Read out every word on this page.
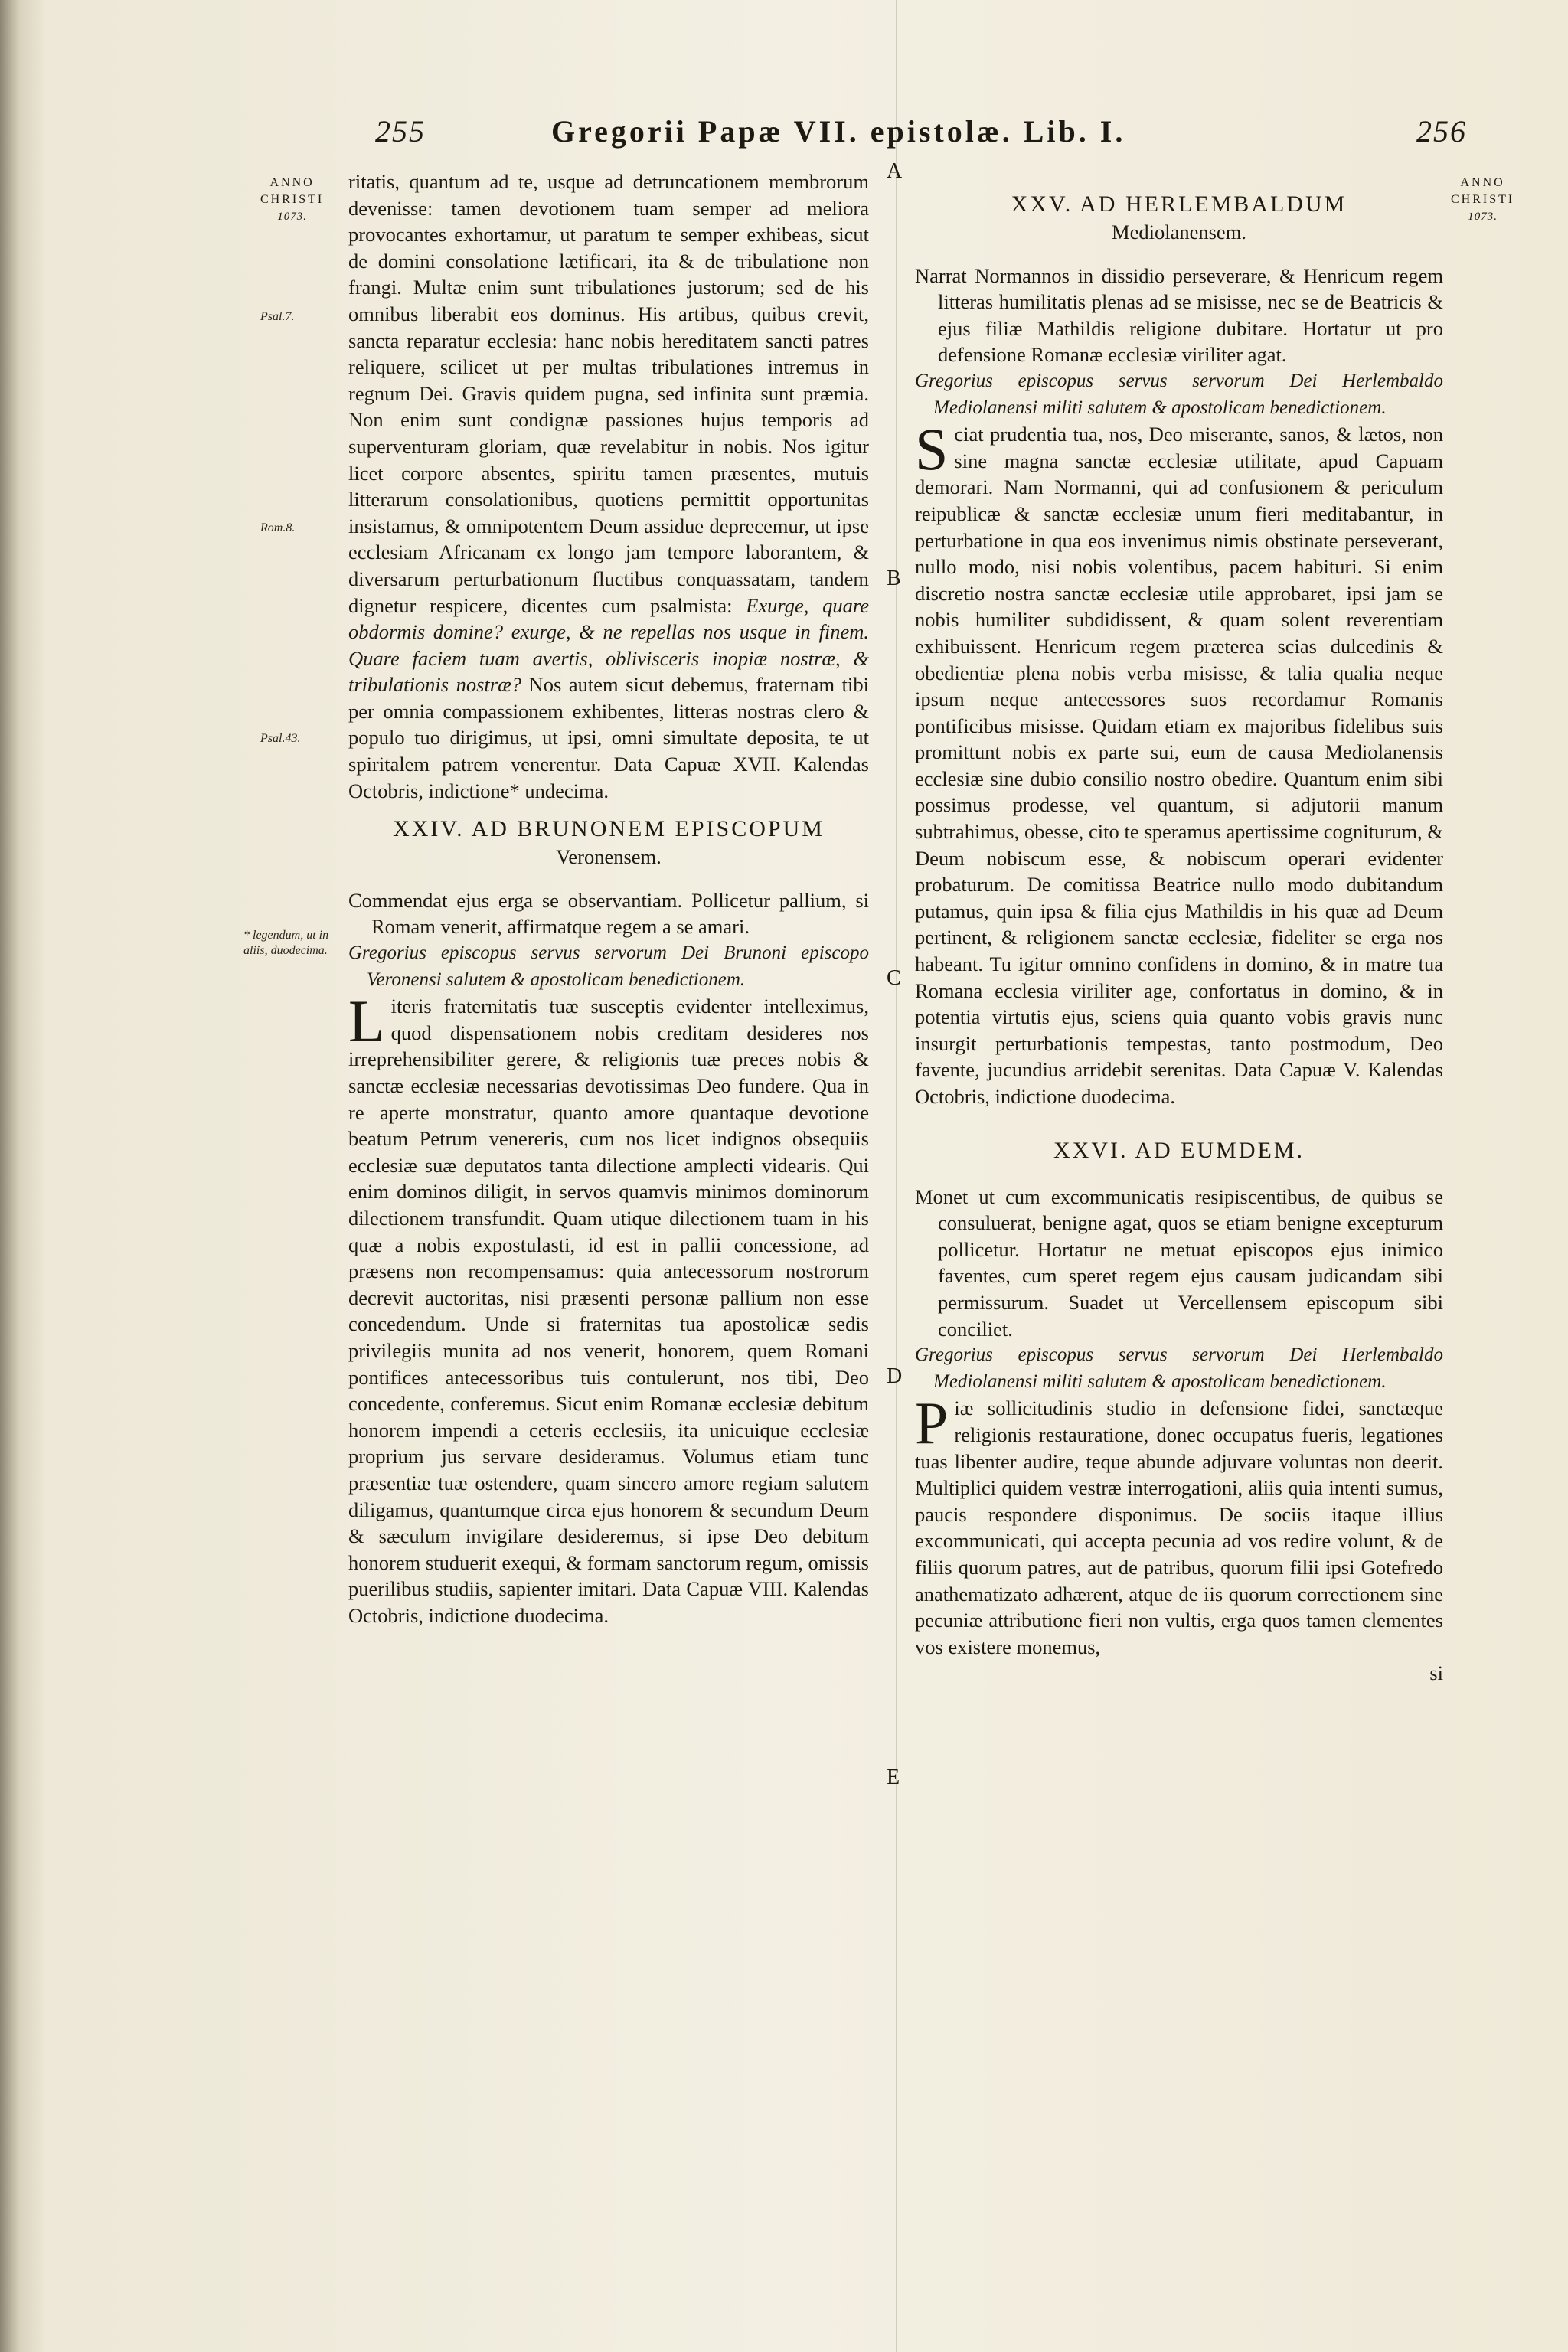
255	Gregorii Papæ VII. epistolæ. Lib. I.	256
ANNO
CHRISTI
1073.
ANNO
CHRISTI
1073.
Psal.7.
Rom.8.
Psal.43.
* legendum, ut in aliis, duodecima.
A
B
C
D
E

ritatis, quantum ad te, usque ad detruncationem membrorum devenisse: tamen devotionem tuam semper ad meliora provocantes exhortamur, ut paratum te semper exhibeas, sicut de domini consolatione lætificari, ita & de tribulatione non frangi. Multæ enim sunt tribulationes justorum; sed de his omnibus liberabit eos dominus. His artibus, quibus crevit, sancta reparatur ecclesia: hanc nobis hereditatem sancti patres reliquere, scilicet ut per multas tribulationes intremus in regnum Dei. Gravis quidem pugna, sed infinita sunt præmia. Non enim sunt condignæ passiones hujus temporis ad superventuram gloriam, quæ revelabitur in nobis. Nos igitur licet corpore absentes, spiritu tamen præsentes, mutuis litterarum consolationibus, quotiens permittit opportunitas insistamus, & omnipotentem Deum assidue deprecemur, ut ipse ecclesiam Africanam ex longo jam tempore laborantem, & diversarum perturbationum fluctibus conquassatam, tandem dignetur respicere, dicentes cum psalmista: Exurge, quare obdormis domine? exurge, & ne repellas nos usque in finem. Quare faciem tuam avertis, oblivisceris inopiæ nostræ, & tribulationis nostræ? Nos autem sicut debemus, fraternam tibi per omnia compassionem exhibentes, litteras nostras clero & populo tuo dirigimus, ut ipsi, omni simultate deposita, te ut spiritalem patrem venerentur. Data Capuæ XVII. Kalendas Octobris, indictione* undecima.

XXIV. AD BRUNONEM EPISCOPUM
Veronensem.

Commendat ejus erga se observantiam. Pollicetur pallium, si Romam venerit, affirmatque regem a se amari.

Gregorius episcopus servus servorum Dei Brunoni episcopo Veronensi salutem & apostolicam benedictionem.

Literis fraternitatis tuæ susceptis evidenter intelleximus, quod dispensationem nobis creditam desideres nos irreprehensibiliter gerere, & religionis tuæ preces nobis & sanctæ ecclesiæ necessarias devotissimas Deo fundere. Qua in re aperte monstratur, quanto amore quantaque devotione beatum Petrum venereris, cum nos licet indignos obsequiis ecclesiæ suæ deputatos tanta dilectione amplecti videaris. Qui enim dominos diligit, in servos quamvis minimos dominorum dilectionem transfundit. Quam utique dilectionem tuam in his quæ a nobis expostulasti, id est in pallii concessione, ad præsens non recompensamus: quia antecessorum nostrorum decrevit auctoritas, nisi præsenti personæ pallium non esse concedendum. Unde si fraternitas tua apostolicæ sedis privilegiis munita ad nos venerit, honorem, quem Romani pontifices antecessoribus tuis contulerunt, nos tibi, Deo concedente, conferemus. Sicut enim Romanæ ecclesiæ debitum honorem impendi a ceteris ecclesiis, ita unicuique ecclesiæ proprium jus servare desideramus. Volumus etiam tunc præsentiæ tuæ ostendere, quam sincero amore regiam salutem diligamus, quantumque circa ejus honorem & secundum Deum & sæculum invigilare desideremus, si ipse Deo debitum honorem studuerit exequi, & formam sanctorum regum, omissis puerilibus studiis, sapienter imitari. Data Capuæ VIII. Kalendas Octobris, indictione duodecima.

XXV. AD HERLEMBALDUM
Mediolanensem.

Narrat Normannos in dissidio perseverare, & Henricum regem litteras humilitatis plenas ad se misisse, nec se de Beatricis & ejus filiæ Mathildis religione dubitare. Hortatur ut pro defensione Romanæ ecclesiæ viriliter agat.

Gregorius episcopus servus servorum Dei Herlembaldo Mediolanensi militi salutem & apostolicam benedictionem.

Sciat prudentia tua, nos, Deo miserante, sanos, & lætos, non sine magna sanctæ ecclesiæ utilitate, apud Capuam demorari. Nam Normanni, qui ad confusionem & periculum reipublicæ & sanctæ ecclesiæ unum fieri meditabantur, in perturbatione in qua eos invenimus nimis obstinate perseverant, nullo modo, nisi nobis volentibus, pacem habituri. Si enim discretio nostra sanctæ ecclesiæ utile approbaret, ipsi jam se nobis humiliter subdidissent, & quam solent reverentiam exhibuissent. Henricum regem præterea scias dulcedinis & obedientiæ plena nobis verba misisse, & talia qualia neque ipsum neque antecessores suos recordamur Romanis pontificibus misisse. Quidam etiam ex majoribus fidelibus suis promittunt nobis ex parte sui, eum de causa Mediolanensis ecclesiæ sine dubio consilio nostro obedire. Quantum enim sibi possimus prodesse, vel quantum, si adjutorii manum subtrahimus, obesse, cito te speramus apertissime cogniturum, & Deum nobiscum esse, & nobiscum operari evidenter probaturum. De comitissa Beatrice nullo modo dubitandum putamus, quin ipsa & filia ejus Mathildis in his quæ ad Deum pertinent, & religionem sanctæ ecclesiæ, fideliter se erga nos habeant. Tu igitur omnino confidens in domino, & in matre tua Romana ecclesia viriliter age, confortatus in domino, & in potentia virtutis ejus, sciens quia quanto vobis gravis nunc insurgit perturbationis tempestas, tanto postmodum, Deo favente, jucundius arridebit serenitas. Data Capuæ V. Kalendas Octobris, indictione duodecima.

XXVI. AD EUMDEM.

Monet ut cum excommunicatis resipiscentibus, de quibus se consuluerat, benigne agat, quos se etiam benigne excepturum pollicetur. Hortatur ne metuat episcopos ejus inimico faventes, cum speret regem ejus causam judicandam sibi permissurum. Suadet ut Vercellensem episcopum sibi conciliet.

Gregorius episcopus servus servorum Dei Herlembaldo Mediolanensi militi salutem & apostolicam benedictionem.

Piæ sollicitudinis studio in defensione fidei, sanctæque religionis restauratione, donec occupatus fueris, legationes tuas libenter audire, teque abunde adjuvare voluntas non deerit. Multiplici quidem vestræ interrogationi, aliis quia intenti sumus, paucis respondere disponimus. De sociis itaque illius excommunicati, qui accepta pecunia ad vos redire volunt, & de filiis quorum patres, aut de patribus, quorum filii ipsi Gotefredo anathematizato adhærent, atque de iis quorum correctionem sine pecuniæ attributione fieri non vultis, erga quos tamen clementes vos existere monemus,

si
